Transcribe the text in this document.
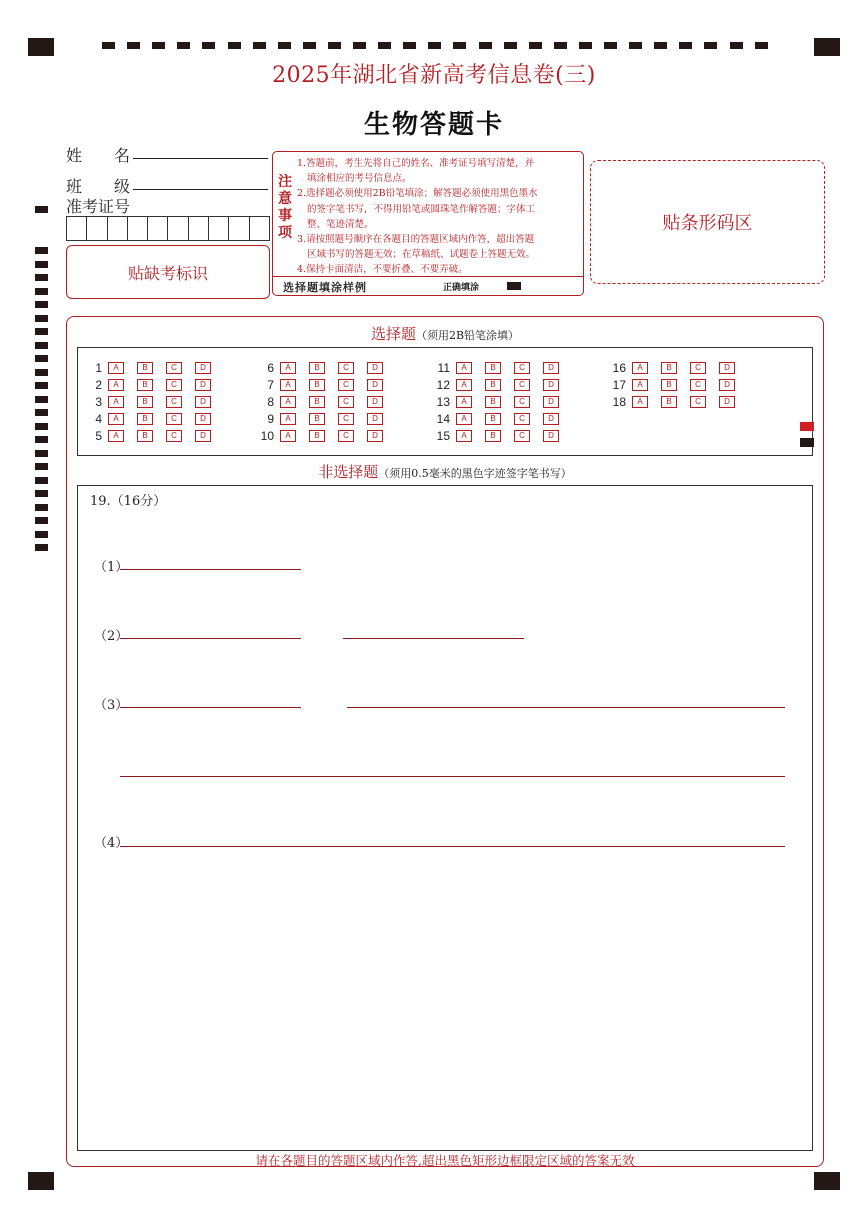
2025年湖北省新高考信息卷(三)
生物答题卡
姓　　名
班　　级
准考证号
贴缺考标识
注
意
事
项

1.答题前，考生先将自己的姓名、准考证号填写清楚，并

填涂相应的考号信息点。

2.选择题必须使用2B铅笔填涂；解答题必须使用黑色墨水

的签字笔书写，不得用铅笔或圆珠笔作解答题；字体工

整、笔迹清楚。

3.请按照题号顺序在各题目的答题区域内作答，超出答题

区域书写的答题无效；在草稿纸、试题卷上答题无效。

4.保持卡面清洁，不要折叠、不要弄破。

选择题填涂样例	正确填涂
贴条形码区
选择题（须用2B铅笔涂填）
1	A	B	C	D
2	A	B	C	D
3	A	B	C	D
4	A	B	C	D
5	A	B	C	D
6	A	B	C	D
7	A	B	C	D
8	A	B	C	D
9	A	B	C	D
10	A	B	C	D
11	A	B	C	D
12	A	B	C	D
13	A	B	C	D
14	A	B	C	D
15	A	B	C	D
16	A	B	C	D
17	A	B	C	D
18	A	B	C	D
非选择题（须用0.5毫米的黑色字迹签字笔书写）
19.（16分）
（1）
（2）
（3）
（4）
请在各题目的答题区域内作答,超出黑色矩形边框限定区域的答案无效
